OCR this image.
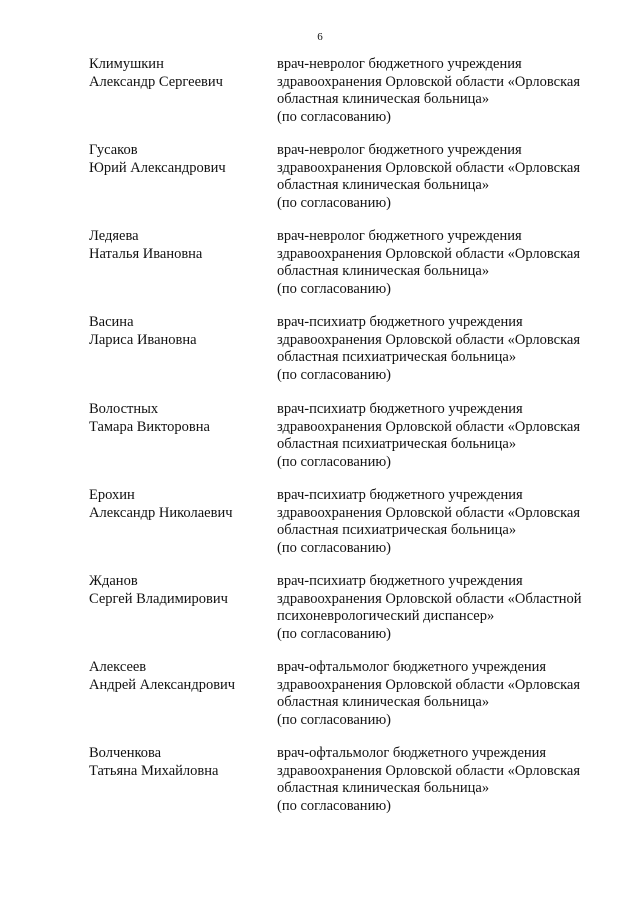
6
Климушкин
Александр Сергеевич
врач-невролог бюджетного учреждения
здравоохранения Орловской области «Орловская
областная клиническая больница»
(по согласованию)
Гусаков
Юрий Александрович
врач-невролог бюджетного учреждения
здравоохранения Орловской области «Орловская
областная клиническая больница»
(по согласованию)
Ледяева
Наталья Ивановна
врач-невролог бюджетного учреждения
здравоохранения Орловской области «Орловская
областная клиническая больница»
(по согласованию)
Васина
Лариса Ивановна
врач-психиатр бюджетного учреждения
здравоохранения Орловской области «Орловская
областная психиатрическая больница»
(по согласованию)
Волостных
Тамара Викторовна
врач-психиатр бюджетного учреждения
здравоохранения Орловской области «Орловская
областная психиатрическая больница»
(по согласованию)
Ерохин
Александр Николаевич
врач-психиатр бюджетного учреждения
здравоохранения Орловской области «Орловская
областная психиатрическая больница»
(по согласованию)
Жданов
Сергей Владимирович
врач-психиатр бюджетного учреждения
здравоохранения Орловской области «Областной
психоневрологический диспансер»
(по согласованию)
Алексеев
Андрей Александрович
врач-офтальмолог бюджетного учреждения
здравоохранения Орловской области «Орловская
областная клиническая больница»
(по согласованию)
Волченкова
Татьяна Михайловна
врач-офтальмолог бюджетного учреждения
здравоохранения Орловской области «Орловская
областная клиническая больница»
(по согласованию)
